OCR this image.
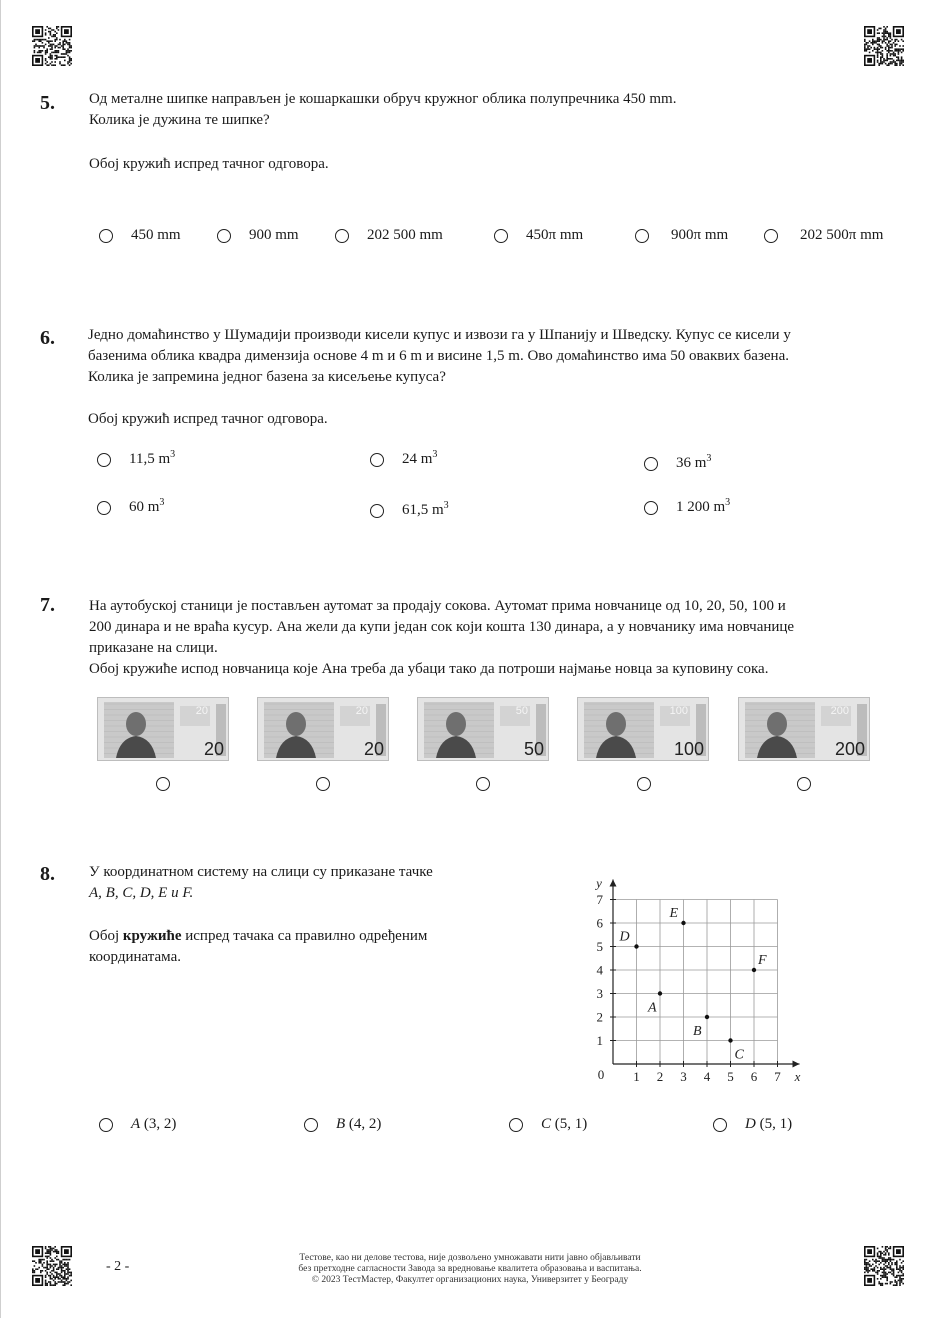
5. Од металне шипке направљен је кошаркашки обруч кружног облика полупречника 450 mm.

Колика је дужина те шипке?

Обој кружић испред тачног одговора.
450 mm	900 mm	202 500 mm	450π mm	900π mm	202 500π mm
6. Једно домаћинство у Шумадији производи кисели купус и извози га у Шпанију и Шведску. Купус се кисели у

базенима облика квадра димензија основе 4 m и 6 m и висине 1,5 m. Ово домаћинство има 50 оваквих базена.

Колика је запремина једног базена за кисељење купуса?

Обој кружић испред тачног одговора.
11,5 $m^3$	24 $m^3$
36 $m^3$
60 $m^3$	61,5 $m^3$	1 200 $m^3$
7. На аутобуској станици је постављен аутомат за продају сокова. Аутомат прима новчанице од 10, 20, 50, 100 и

200 динара и не враћа кусур. Ана жели да купи један сок који кошта 130 динара, а у новчанику има новчанице

приказане на слици.

Обој кружиће испод новчаница које Ана треба да убаци тако да потроши најмање новца за куповину сока.

20
20
20
20
50
50
100
100
200
200
8. У координатном систему на слици су приказане тачке

A, B, C, D, E и F.

Обој кружиће испред тачака са правилно одређеним

координатама.

1 2 3 4 5 6 7
1
2
3
4
5
6
7
0	x
y
A
B
C
D
E
F
A (3, 2)	B (4, 2)	C (5, 1)	D (5, 1)
- 2 -
Тестове, као ни делове тестова, није дозвољено умножавати нити јавно објављивати
без претходне сагласности Завода за вредновање квалитета образовања и васпитања.
© 2023 ТестМастер, Факултет организационих наука, Универзитет у Београду
